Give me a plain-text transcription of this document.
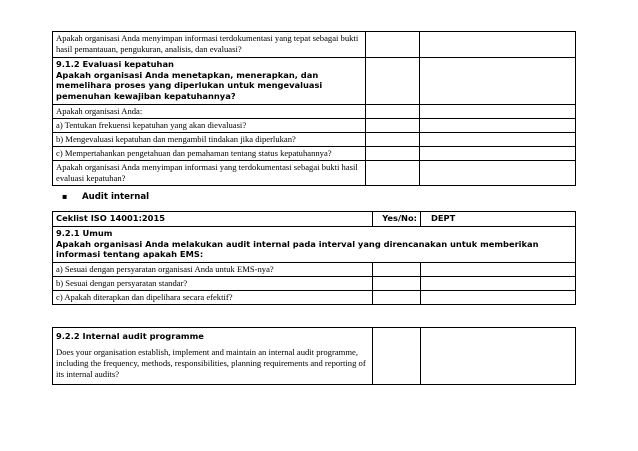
Apakah organisasi Anda menyimpan informasi terdokumentasi yang tepat sebagai bukti hasil pemantauan, pengukuran, analisis, dan evaluasi?		

9.1.2 Evaluasi kepatuhan
Apakah organisasi Anda menetapkan, menerapkan, dan memelihara proses yang diperlukan untuk mengevaluasi pemenuhan kewajiban kepatuhannya?		

Apakah organisasi Anda:		
a) Tentukan frekuensi kepatuhan yang akan dievaluasi?		
b) Mengevaluasi kepatuhan dan mengambil tindakan jika diperlukan?		
c) Mempertahankan pengetahuan dan pemahaman tentang status kepatuhannya?		
Apakah organisasi Anda menyimpan informasi yang terdokumentasi sebagai bukti hasil evaluasi kepatuhan?		
▪ Audit internal
Ceklist ISO 14001:2015	Yes/No:	DEPT

9.2.1 Umum
Apakah organisasi Anda melakukan audit internal pada interval yang direncanakan untuk memberikan informasi tentang apakah EMS:		

a) Sesuai dengan persyaratan organisasi Anda untuk EMS-nya?		
b) Sesuai dengan persyaratan standar?		
c) Apakah diterapkan dan dipelihara secara efektif?		
9.2.2 Internal audit programme
Does your organisation establish, implement and maintain an internal audit programme, including the frequency, methods, responsibilities, planning requirements and reporting of its internal audits?
